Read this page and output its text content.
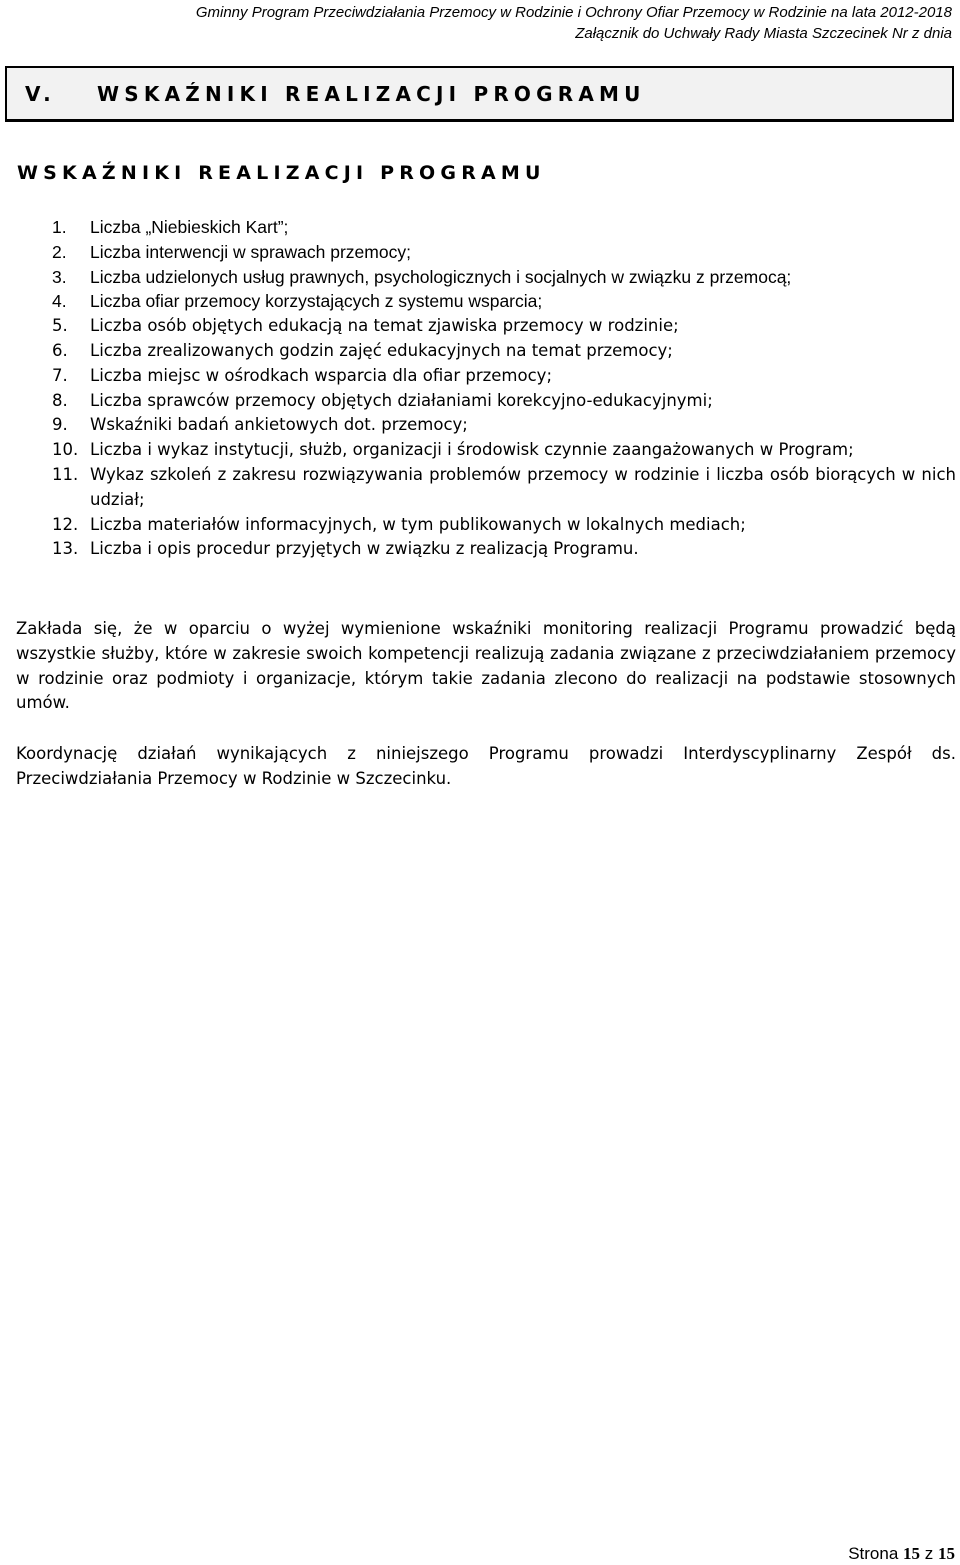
Gminny Program Przeciwdziałania Przemocy w Rodzinie i Ochrony Ofiar Przemocy w Rodzinie na lata 2012-2018
Załącznik do Uchwały Rady Miasta Szczecinek Nr z dnia
V. WSKAŹNIKI REALIZACJI PROGRAMU
WSKAŹNIKI REALIZACJI PROGRAMU
1. Liczba „Niebieskich Kart”;
2. Liczba interwencji w sprawach przemocy;
3. Liczba udzielonych usług prawnych, psychologicznych i socjalnych w związku z przemocą;
4. Liczba ofiar przemocy korzystających z systemu wsparcia;
5. Liczba osób objętych edukacją na temat zjawiska przemocy w rodzinie;
6. Liczba zrealizowanych godzin zajęć edukacyjnych na temat przemocy;
7. Liczba miejsc w ośrodkach wsparcia dla ofiar przemocy;
8. Liczba sprawców przemocy objętych działaniami korekcyjno-edukacyjnymi;
9. Wskaźniki badań ankietowych dot. przemocy;
10. Liczba i wykaz instytucji, służb, organizacji i środowisk czynnie zaangażowanych w Program;
11. Wykaz szkoleń z zakresu rozwiązywania problemów przemocy w rodzinie i liczba osób biorących w nich udział;
12. Liczba materiałów informacyjnych, w tym publikowanych w lokalnych mediach;
13. Liczba i opis procedur przyjętych w związku z realizacją Programu.

Zakłada się, że w oparciu o wyżej wymienione wskaźniki monitoring realizacji Programu prowadzić będą wszystkie służby, które w zakresie swoich kompetencji realizują zadania związane z przeciwdziałaniem przemocy w rodzinie oraz podmioty i organizacje, którym takie zadania zlecono do realizacji na podstawie stosownych umów.

Koordynację działań wynikających z niniejszego Programu prowadzi Interdyscyplinarny Zespół ds. Przeciwdziałania Przemocy w Rodzinie w Szczecinku.

Strona 15 z 15
